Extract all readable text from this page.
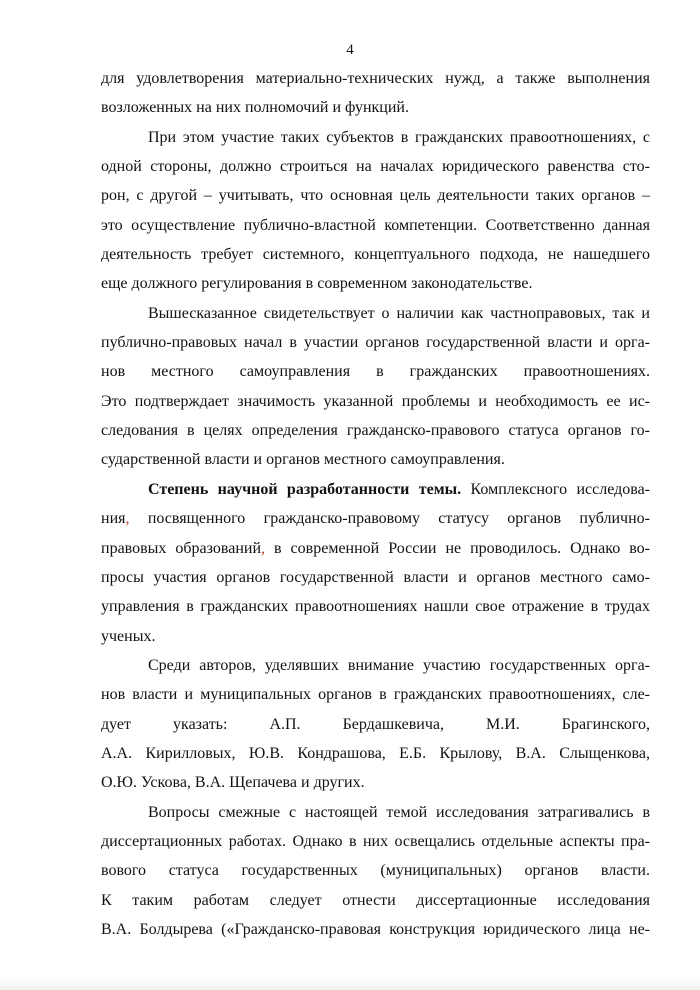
4
для удовлетворения материально-технических нужд, а также выполнения
возложенных на них полномочий и функций.
При этом участие таких субъектов в гражданских правоотношениях, с
одной стороны, должно строиться на началах юридического равенства сто-
рон, с другой – учитывать, что основная цель деятельности таких органов –
это осуществление публично-властной компетенции. Соответственно данная
деятельность требует системного, концептуального подхода, не нашедшего
еще должного регулирования в современном законодательстве.
Вышесказанное свидетельствует о наличии как частноправовых, так и
публично-правовых начал в участии органов государственной власти и орга-
нов местного самоуправления в гражданских правоотношениях.
Это подтверждает значимость указанной проблемы и необходимость ее ис-
следования в целях определения гражданско-правового статуса органов го-
сударственной власти и органов местного самоуправления.
Степень научной разработанности темы. Комплексного исследова-
ния, посвященного гражданско-правовому статусу органов публично-
правовых образований, в современной России не проводилось. Однако во-
просы участия органов государственной власти и органов местного само-
управления в гражданских правоотношениях нашли свое отражение в трудах
ученых.
Среди авторов, уделявших внимание участию государственных орга-
нов власти и муниципальных органов в гражданских правоотношениях, сле-
дует указать: А.П. Бердашкевича, М.И. Брагинского,
А.А. Кирилловых, Ю.В. Кондрашова, Е.Б. Крылову, В.А. Слыщенкова,
О.Ю. Ускова, В.А. Щепачева и других.
Вопросы смежные с настоящей темой исследования затрагивались в
диссертационных работах. Однако в них освещались отдельные аспекты пра-
вового статуса государственных (муниципальных) органов власти.
К таким работам следует отнести диссертационные исследования
В.А. Болдырева («Гражданско-правовая конструкция юридического лица не-
